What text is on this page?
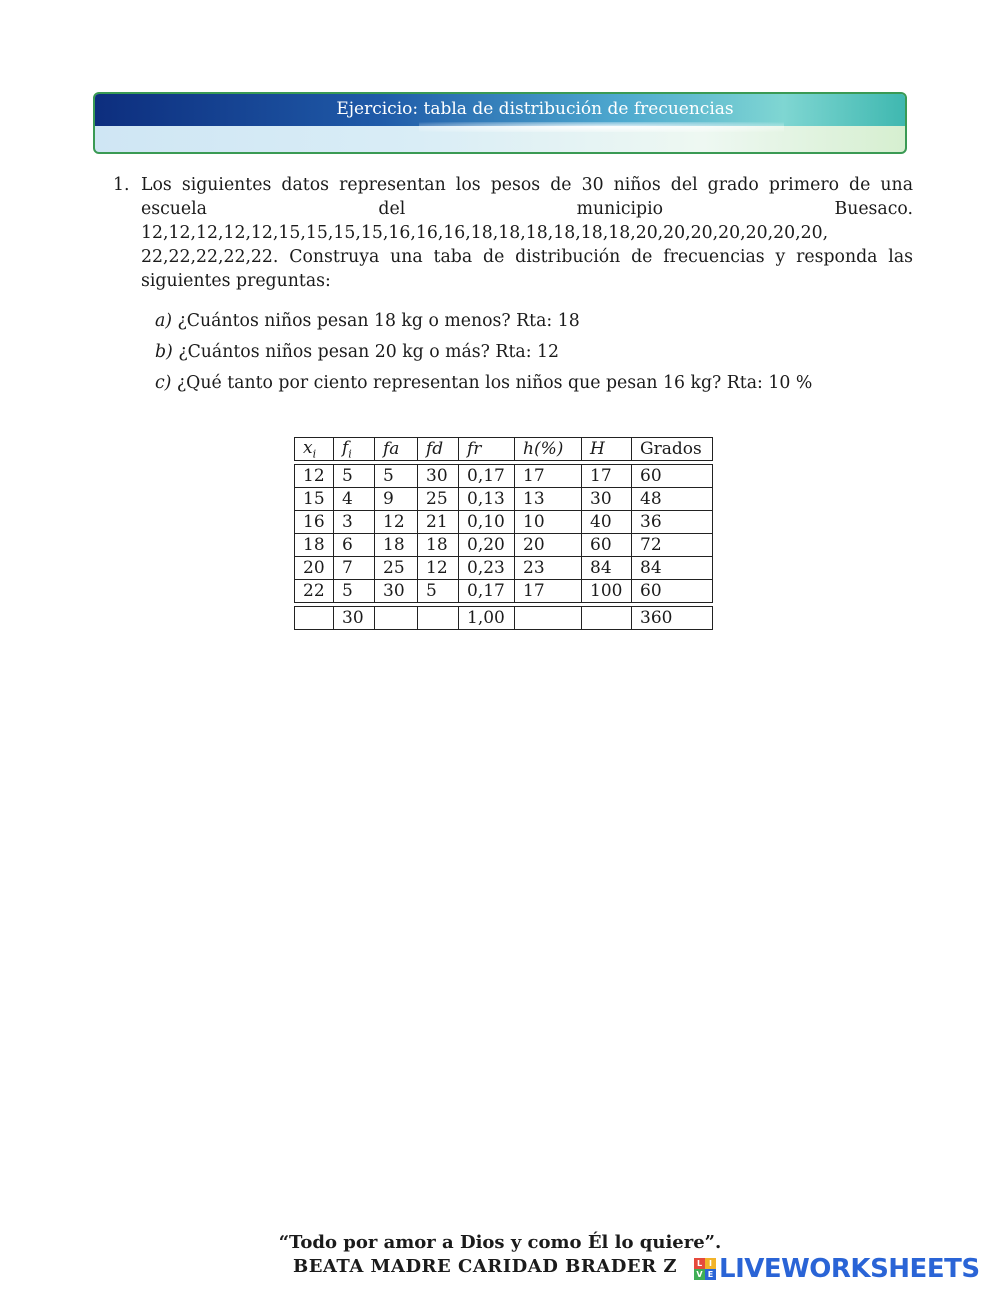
Ejercicio: tabla de distribución de frecuencias
1. Los siguientes datos representan los pesos de 30 niños del grado primero de una escuela del municipio Buesaco. 12,12,12,12,12,15,15,15,15,16,16,16,18,18,18,18,18,18,20,20,20,20,20,20,20, 22,22,22,22,22. Construya una taba de distribución de frecuencias y responda las siguientes preguntas:
a) ¿Cuántos niños pesan 18 kg o menos? Rta: 18
b) ¿Cuántos niños pesan 20 kg o más? Rta: 12
c) ¿Qué tanto por ciento representan los niños que pesan 16 kg? Rta: 10 %
$x_i$	$f_i$	fa	fd	fr	h(%)	H	Grados

12	5	5	30	0,17	17	17	60
15	4	9	25	0,13	13	30	48
16	3	12	21	0,10	10	40	36
18	6	18	18	0,20	20	60	72
20	7	25	12	0,23	23	84	84
22	5	30	5	0,17	17	100	60

	30			1,00			360
“Todo por amor a Dios y como Él lo quiere”.
BEATA MADRE CARIDAD BRADER Z	L I
V E LIVEWORKSHEETS
